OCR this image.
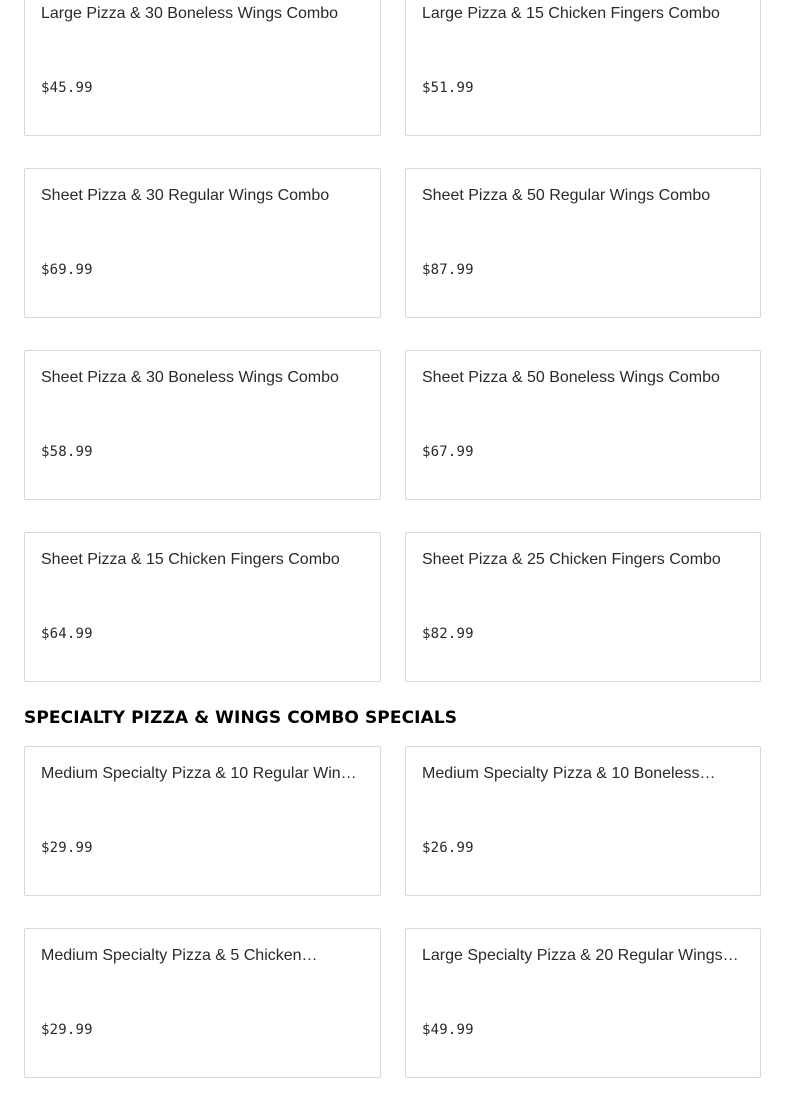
Large Pizza & 30 Boneless Wings Combo
$45.99
Large Pizza & 15 Chicken Fingers Combo
$51.99
Sheet Pizza & 30 Regular Wings Combo
$69.99
Sheet Pizza & 50 Regular Wings Combo
$87.99
Sheet Pizza & 30 Boneless Wings Combo
$58.99
Sheet Pizza & 50 Boneless Wings Combo
$67.99
Sheet Pizza & 15 Chicken Fingers Combo
$64.99
Sheet Pizza & 25 Chicken Fingers Combo
$82.99
SPECIALTY PIZZA & WINGS COMBO SPECIALS
Medium Specialty Pizza & 10 Regular Win…
$29.99
Medium Specialty Pizza & 10 Boneless…
$26.99
Medium Specialty Pizza & 5 Chicken…
$29.99
Large Specialty Pizza & 20 Regular Wings…
$49.99
